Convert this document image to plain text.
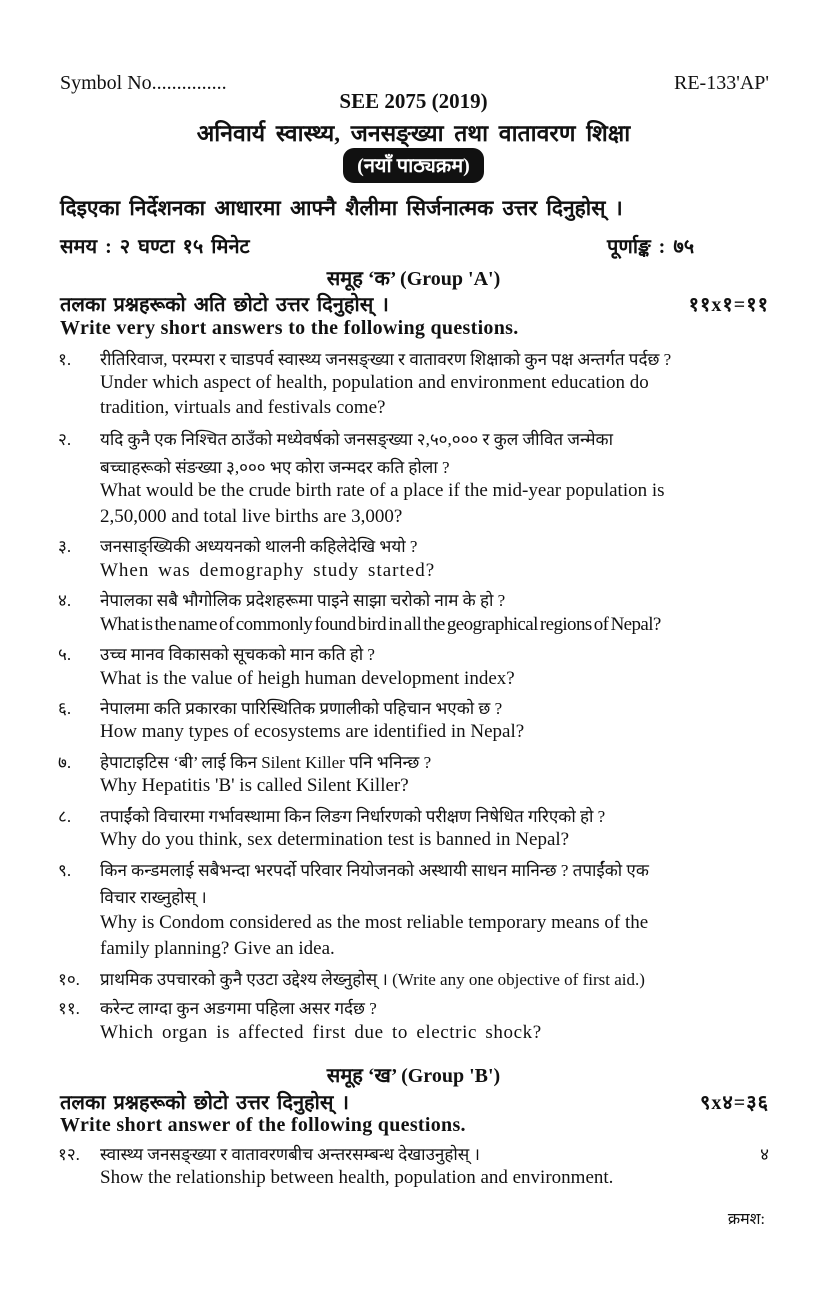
Symbol No...............	RE-133'AP'
SEE 2075 (2019)
अनिवार्य स्वास्थ्य, जनसङ्ख्या तथा वातावरण शिक्षा
(नयाँ पाठ्यक्रम)
दिइएका निर्देशनका आधारमा आफ्नै शैलीमा सिर्जनात्मक उत्तर दिनुहोस् ।
समय : २ घण्टा १५ मिनेट	पूर्णाङ्क : ७५
समूह ‘क’ (Group 'A')
तलका प्रश्नहरूको अति छोटो उत्तर दिनुहोस् ।	११x१=११
Write very short answers to the following questions.
१. रीतिरिवाज, परम्परा र चाडपर्व स्वास्थ्य जनसङ्ख्या र वातावरण शिक्षाको कुन पक्ष अन्तर्गत पर्दछ ?
Under which aspect of health, population and environment education do
tradition, virtuals and festivals come?
२. यदि कुनै एक निश्चित ठाउँको मध्येवर्षको जनसङ्ख्या २,५०,००० र कुल जीवित जन्मेका
बच्चाहरूको संङख्या ३,००० भए कोरा जन्मदर कति होला ?
What would be the crude birth rate of a place if the mid-year population is
2,50,000 and total live births are 3,000?
३. जनसाङ्ख्यिकी अध्ययनको थालनी कहिलेदेखि भयो ?
When was demography study started?
४. नेपालका सबै भौगोलिक प्रदेशहरूमा पाइने साझा चरोको नाम के हो ?
What is the name of commonly found bird in all the geographical regions of Nepal?
५. उच्च मानव विकासको सूचकको मान कति हो ?
What is the value of heigh human development index?
६. नेपालमा कति प्रकारका पारिस्थितिक प्रणालीको पहिचान भएको छ ?
How many types of ecosystems are identified in Nepal?
७. हेपाटाइटिस ‘बी’ लाई किन Silent Killer पनि भनिन्छ ?
Why Hepatitis 'B' is called Silent Killer?
८. तपाईंको विचारमा गर्भावस्थामा किन लिङग निर्धारणको परीक्षण निषेधित गरिएको हो ?
Why do you think, sex determination test is banned in Nepal?
९. किन कन्डमलाई सबैभन्दा भरपर्दो परिवार नियोजनको अस्थायी साधन मानिन्छ ? तपाईंको एक
विचार राख्नुहोस् ।
Why is Condom considered as the most reliable temporary means of the
family planning? Give an idea.
१०. प्राथमिक उपचारको कुनै एउटा उद्देश्य लेख्नुहोस् । (Write any one objective of first aid.)
११. करेन्ट लाग्दा कुन अङगमा पहिला असर गर्दछ ?
Which organ is affected first due to electric shock?
समूह ‘ख’ (Group 'B')
तलका प्रश्नहरूको छोटो उत्तर दिनुहोस् ।	९x४=३६
Write short answer of the following questions.
१२. स्वास्थ्य जनसङ्ख्या र वातावरणबीच अन्तरसम्बन्ध देखाउनुहोस् ।	४
Show the relationship between health, population and environment.
क्रमश:
